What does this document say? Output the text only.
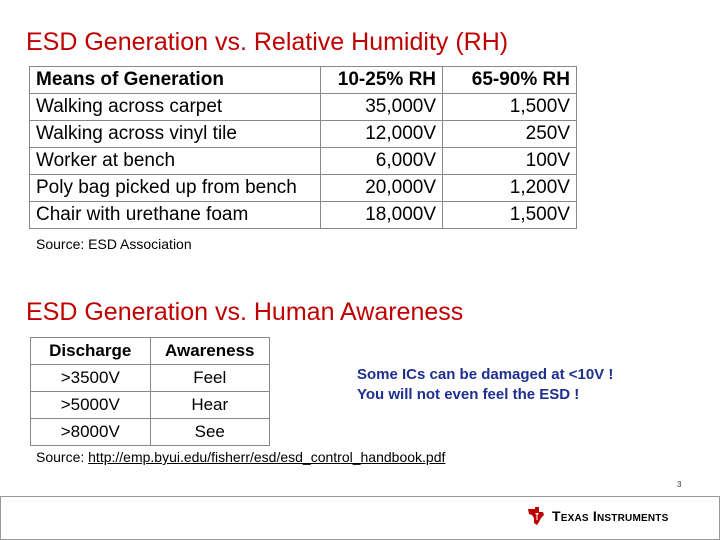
ESD Generation vs. Relative Humidity (RH)
Means of Generation	10-25% RH	65-90% RH
Walking across carpet	35,000V	1,500V
Walking across vinyl tile	12,000V	250V
Worker at bench	6,000V	100V
Poly bag picked up from bench	20,000V	1,200V
Chair with urethane foam	18,000V	1,500V
Source: ESD Association
ESD Generation vs. Human Awareness
Discharge	Awareness
>3500V	Feel
>5000V	Hear
>8000V	See
Some ICs can be damaged at <10V !
You will not even feel the ESD !
Source: http://emp.byui.edu/fisherr/esd/esd_control_handbook.pdf
3
TEXAS INSTRUMENTS
